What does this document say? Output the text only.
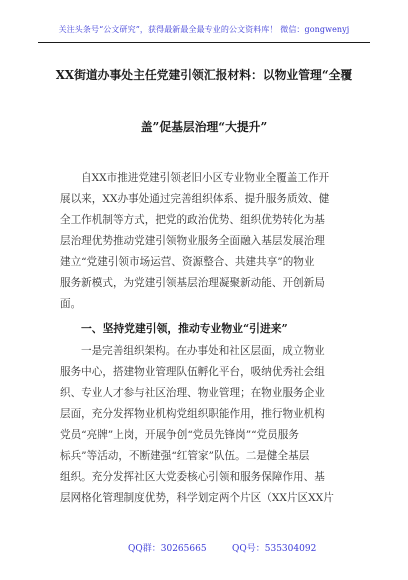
关注头条号“公文研究”，获得最新最全最专业的公文资料库！ 微信：gongwenyj
XX街道办事处主任党建引领汇报材料：以物业管理“全覆
盖”促基层治理“大提升”

自XX市推进党建引领老旧小区专业物业全覆盖工作开
展以来，XX办事处通过完善组织体系、提升服务质效、健
全工作机制等方式，把党的政治优势、组织优势转化为基
层治理优势推动党建引领物业服务全面融入基层发展治理
建立“党建引领市场运营、资源整合、共建共享”的物业
服务新模式，为党建引领基层治理凝聚新动能、开创新局
面。

一、坚持党建引领，推动专业物业“引进来”

一是完善组织架构。在办事处和社区层面，成立物业
服务中心，搭建物业管理队伍孵化平台，吸纳优秀社会组
织、专业人才参与社区治理、物业管理；在物业服务企业
层面，充分发挥物业机构党组织职能作用，推行物业机构
党员“亮牌”上岗，开展争创“党员先锋岗”“党员服务
标兵”等活动，不断建强“红管家”队伍。二是健全基层
组织。充分发挥社区大党委核心引领和服务保障作用、基
层网格化管理制度优势，科学划定两个片区（XX片区XX片

QQ群：30265665	QQ号：535304092
